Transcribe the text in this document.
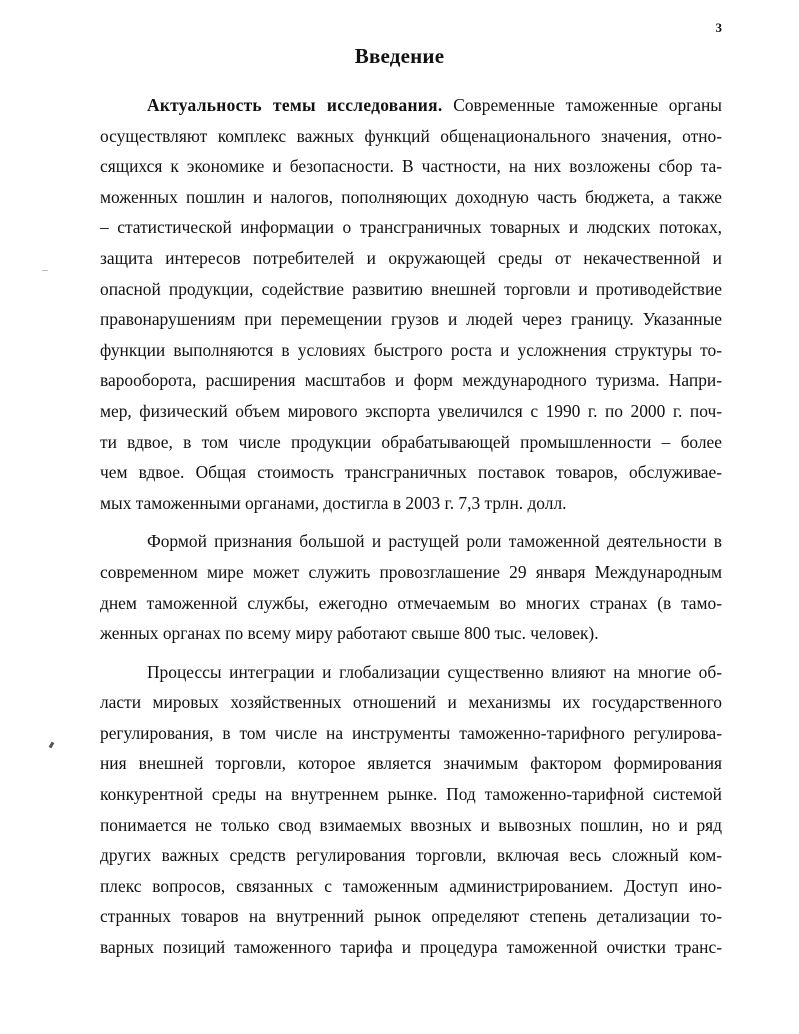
3
Введение
Актуальность темы исследования. Современные таможенные органы
осуществляют комплекс важных функций общенационального значения, отно-
сящихся к экономике и безопасности. В частности, на них возложены сбор та-
моженных пошлин и налогов, пополняющих доходную часть бюджета, а также
– статистической информации о трансграничных товарных и людских потоках,
защита интересов потребителей и окружающей среды от некачественной и
опасной продукции, содействие развитию внешней торговли и противодействие
правонарушениям при перемещении грузов и людей через границу. Указанные
функции выполняются в условиях быстрого роста и усложнения структуры то-
варооборота, расширения масштабов и форм международного туризма. Напри-
мер, физический объем мирового экспорта увеличился с 1990 г. по 2000 г. поч-
ти вдвое, в том числе продукции обрабатывающей промышленности – более
чем вдвое. Общая стоимость трансграничных поставок товаров, обслуживае-
мых таможенными органами, достигла в 2003 г. 7,3 трлн. долл.
Формой признания большой и растущей роли таможенной деятельности в
современном мире может служить провозглашение 29 января Международным
днем таможенной службы, ежегодно отмечаемым во многих странах (в тамо-
женных органах по всему миру работают свыше 800 тыс. человек).
Процессы интеграции и глобализации существенно влияют на многие об-
ласти мировых хозяйственных отношений и механизмы их государственного
регулирования, в том числе на инструменты таможенно-тарифного регулирова-
ния внешней торговли, которое является значимым фактором формирования
конкурентной среды на внутреннем рынке. Под таможенно-тарифной системой
понимается не только свод взимаемых ввозных и вывозных пошлин, но и ряд
других важных средств регулирования торговли, включая весь сложный ком-
плекс вопросов, связанных с таможенным администрированием. Доступ ино-
странных товаров на внутренний рынок определяют степень детализации то-
варных позиций таможенного тарифа и процедура таможенной очистки транс-
